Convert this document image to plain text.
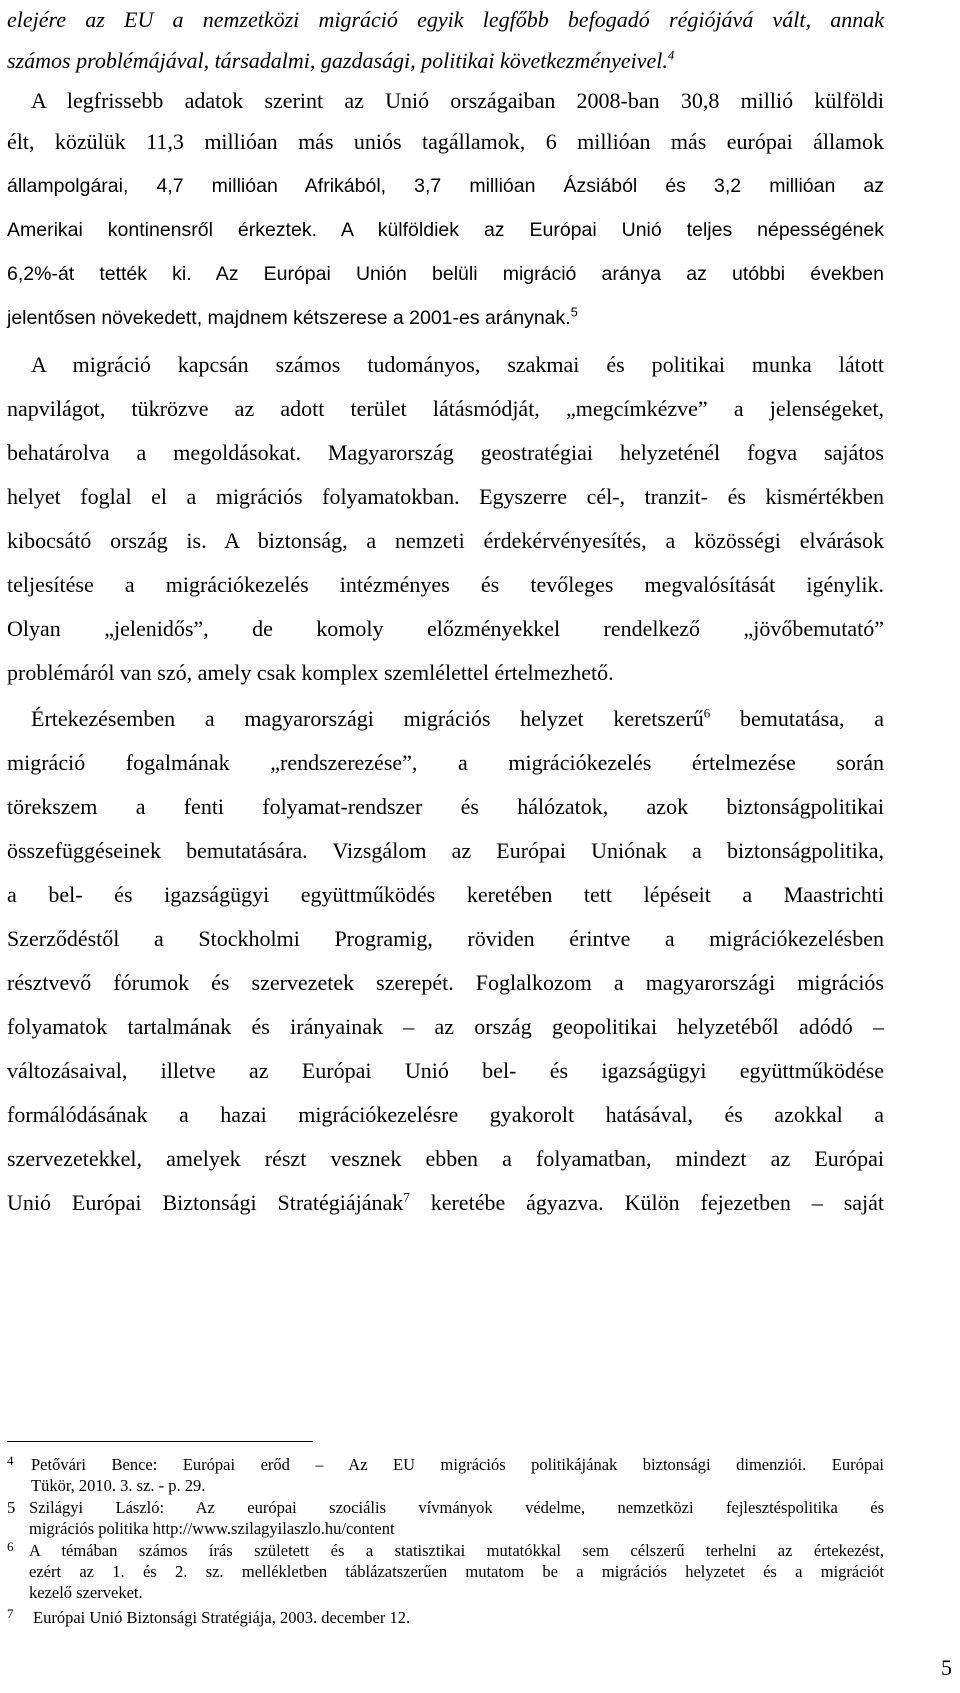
elejére az EU a nemzetközi migráció egyik legfőbb befogadó régiójává vált, annak
számos problémájával, társadalmi, gazdasági, politikai következményeivel.$^4$
A legfrissebb adatok szerint az Unió országaiban 2008-ban 30,8 millió külföldi
élt, közülük 11,3 millióan más uniós tagállamok, 6 millióan más európai államok
állampolgárai, 4,7 millióan Afrikából, 3,7 millióan Ázsiából és 3,2 millióan az
Amerikai kontinensről érkeztek. A külföldiek az Európai Unió teljes népességének
6,2%-át tették ki. Az Európai Unión belüli migráció aránya az utóbbi években
jelentősen növekedett, majdnem kétszerese a 2001-es aránynak.$^5$
A migráció kapcsán számos tudományos, szakmai és politikai munka látott
napvilágot, tükrözve az adott terület látásmódját, „megcímkézve” a jelenségeket,
behatárolva a megoldásokat. Magyarország geostratégiai helyzeténél fogva sajátos
helyet foglal el a migrációs folyamatokban. Egyszerre cél-, tranzit- és kismértékben
kibocsátó ország is. A biztonság, a nemzeti érdekérvényesítés, a közösségi elvárások
teljesítése a migrációkezelés intézményes és tevőleges megvalósítását igénylik.
Olyan „jelenidős”, de komoly előzményekkel rendelkező „jövőbemutató”
problémáról van szó, amely csak komplex szemlélettel értelmezhető.
Értekezésemben a magyarországi migrációs helyzet keretszerű$^6$ bemutatása, a
migráció fogalmának „rendszerezése”, a migrációkezelés értelmezése során
törekszem a fenti folyamat-rendszer és hálózatok, azok biztonságpolitikai
összefüggéseinek bemutatására. Vizsgálom az Európai Uniónak a biztonságpolitika,
a bel- és igazságügyi együttműködés keretében tett lépéseit a Maastrichti
Szerződéstől a Stockholmi Programig, röviden érintve a migrációkezelésben
résztvevő fórumok és szervezetek szerepét. Foglalkozom a magyarországi migrációs
folyamatok tartalmának és irányainak – az ország geopolitikai helyzetéből adódó –
változásaival, illetve az Európai Unió bel- és igazságügyi együttműködése
formálódásának a hazai migrációkezelésre gyakorolt hatásával, és azokkal a
szervezetekkel, amelyek részt vesznek ebben a folyamatban, mindezt az Európai
Unió Európai Biztonsági Stratégiájának$^7$ keretébe ágyazva. Külön fejezetben – saját
4 Petővári Bence: Európai erőd – Az EU migrációs politikájának biztonsági dimenziói. Európai
Tükör, 2010. 3. sz. - p. 29.
5 Szilágyi László: Az európai szociális vívmányok védelme, nemzetközi fejlesztéspolitika és
migrációs politika http://www.szilagyilaszlo.hu/content
6 A témában számos írás született és a statisztikai mutatókkal sem célszerű terhelni az értekezést,
ezért az 1. és 2. sz. mellékletben táblázatszerűen mutatom be a migrációs helyzetet és a migrációt
kezelő szerveket.
7 Európai Unió Biztonsági Stratégiája, 2003. december 12.
5
